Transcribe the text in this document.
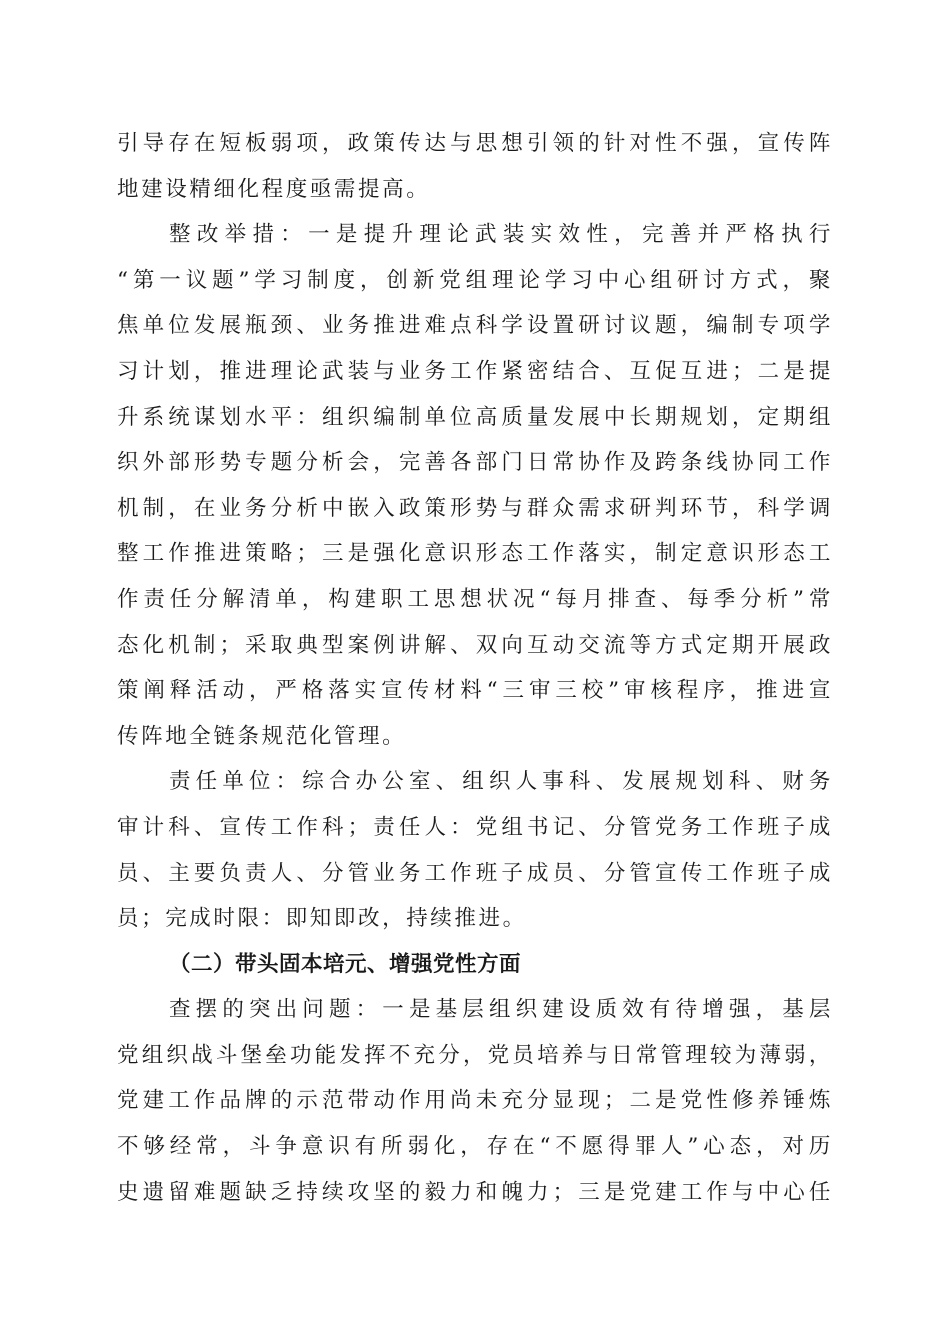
引导存在短板弱项，政策传达与思想引领的针对性不强，宣传阵
地建设精细化程度亟需提高。
整改举措：一是提升理论武装实效性，完善并严格执行
“第一议题”学习制度，创新党组理论学习中心组研讨方式，聚
焦单位发展瓶颈、业务推进难点科学设置研讨议题，编制专项学
习计划，推进理论武装与业务工作紧密结合、互促互进；二是提
升系统谋划水平：组织编制单位高质量发展中长期规划，定期组
织外部形势专题分析会，完善各部门日常协作及跨条线协同工作
机制，在业务分析中嵌入政策形势与群众需求研判环节，科学调
整工作推进策略；三是强化意识形态工作落实，制定意识形态工
作责任分解清单，构建职工思想状况“每月排查、每季分析”常
态化机制；采取典型案例讲解、双向互动交流等方式定期开展政
策阐释活动，严格落实宣传材料“三审三校”审核程序，推进宣
传阵地全链条规范化管理。
责任单位：综合办公室、组织人事科、发展规划科、财务
审计科、宣传工作科；责任人：党组书记、分管党务工作班子成
员、主要负责人、分管业务工作班子成员、分管宣传工作班子成
员；完成时限：即知即改，持续推进。
（二）带头固本培元、增强党性方面
查摆的突出问题：一是基层组织建设质效有待增强，基层
党组织战斗堡垒功能发挥不充分，党员培养与日常管理较为薄弱，
党建工作品牌的示范带动作用尚未充分显现；二是党性修养锤炼
不够经常，斗争意识有所弱化，存在“不愿得罪人”心态，对历
史遗留难题缺乏持续攻坚的毅力和魄力；三是党建工作与中心任
